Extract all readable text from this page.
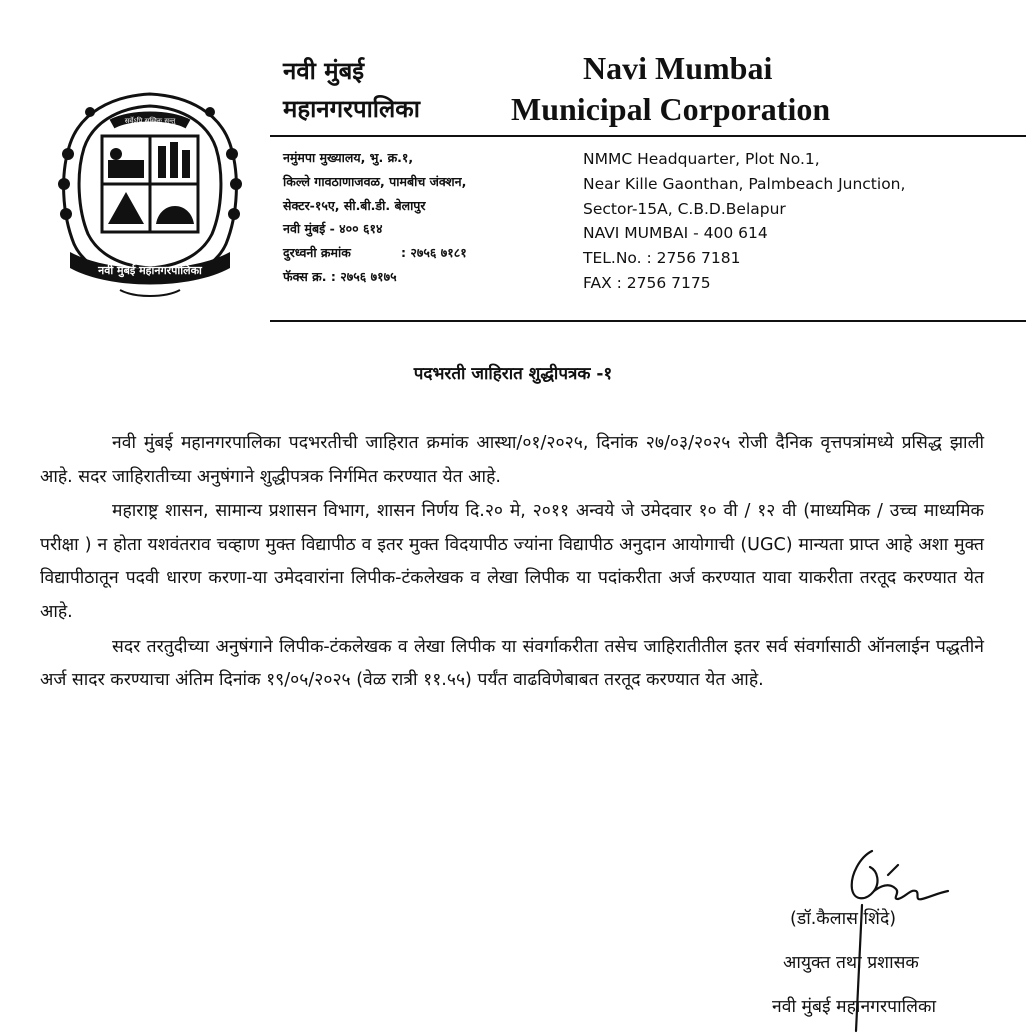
सर्वेऽपि सुखिनः सन्तु
नवी मुंबई महानगरपालिका
नवी मुंबई
महानगरपालिका
Navi Mumbai
Municipal Corporation
नमुंमपा मुख्यालय, भु. क्र.१,
किल्ले गावठाणाजवळ, पामबीच जंक्शन,
सेक्टर-१५ए, सी.बी.डी. बेलापुर
नवी मुंबई - ४०० ६१४
दुरध्वनी क्रमांक	: २७५६ ७१८१
फॅक्स क्र. : २७५६ ७१७५
NMMC Headquarter, Plot No.1,
Near Kille Gaonthan, Palmbeach Junction,
Sector-15A, C.B.D.Belapur
NAVI MUMBAI - 400 614
TEL.No. : 2756 7181
FAX : 2756 7175
पदभरती जाहिरात शुद्धीपत्रक -१

नवी मुंबई महानगरपालिका पदभरतीची जाहिरात क्रमांक आस्था/०१/२०२५, दिनांक २७/०३/२०२५ रोजी दैनिक वृत्तपत्रांमध्ये प्रसिद्ध झाली आहे. सदर जाहिरातीच्या अनुषंगाने शुद्धीपत्रक निर्गमित करण्यात येत आहे.

महाराष्ट्र शासन, सामान्य प्रशासन विभाग, शासन निर्णय दि.२० मे, २०११ अन्वये जे उमेदवार १० वी / १२ वी (माध्यमिक / उच्च माध्यमिक परीक्षा ) न होता यशवंतराव चव्हाण मुक्त विद्यापीठ व इतर मुक्त विदयापीठ ज्यांना विद्यापीठ अनुदान आयोगाची (UGC) मान्यता प्राप्त आहे अशा मुक्त विद्यापीठातून पदवी धारण करणा-या उमेदवारांना लिपीक-टंकलेखक व लेखा लिपीक या पदांकरीता अर्ज करण्यात यावा याकरीता तरतूद करण्यात येत आहे.

सदर तरतुदीच्या अनुषंगाने लिपीक-टंकलेखक व लेखा लिपीक या संवर्गाकरीता तसेच जाहिरातीतील इतर सर्व संवर्गासाठी ऑनलाईन पद्धतीने अर्ज सादर करण्याचा अंतिम दिनांक १९/०५/२०२५ (वेळ रात्री ११.५५) पर्यंत वाढविणेबाबत तरतूद करण्यात येत आहे.

(डॉ.कैलास शिंदे)
आयुक्त तथा प्रशासक
नवी मुंबई महानगरपालिका
